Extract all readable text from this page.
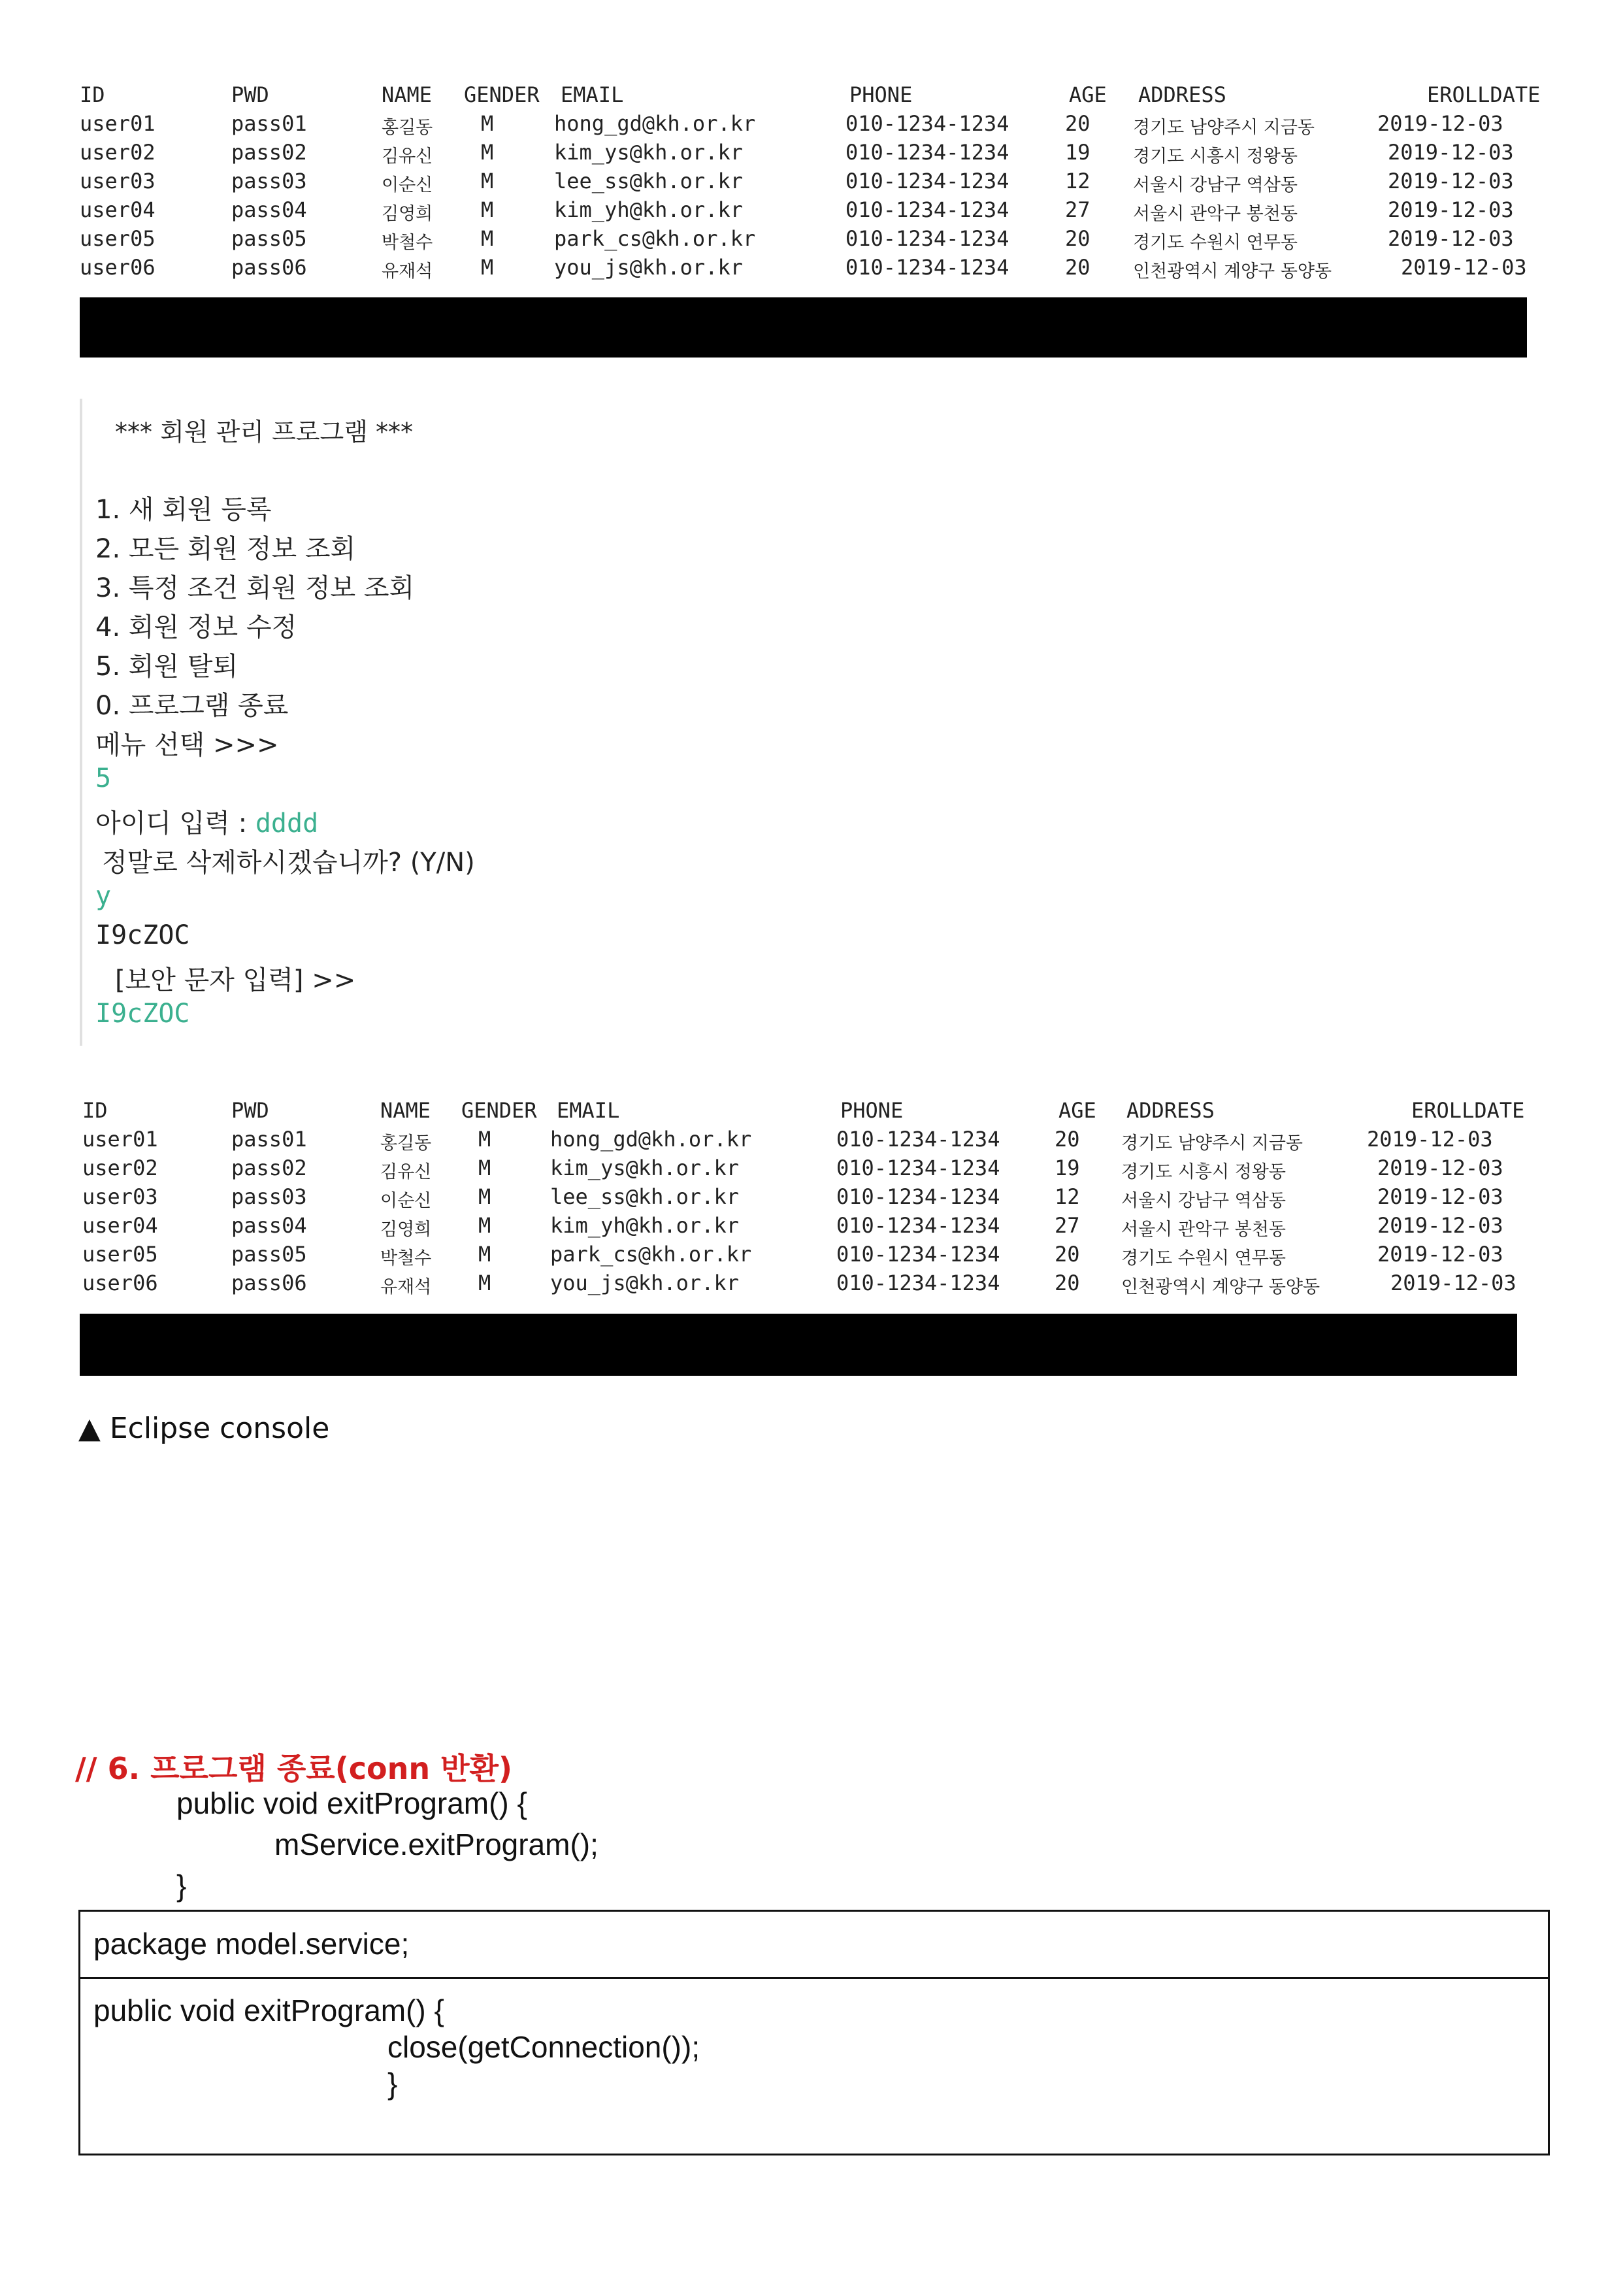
ID	PWD	NAME GENDER EMAIL	PHONE	AGE ADDRESS	EROLLDATE
user01	pass01	홍길동 M	hong_gd@kh.or.kr	010-1234-1234	20 경기도 남양주시 지금동	2019-12-03
user02	pass02	김유신 M	kim_ys@kh.or.kr	010-1234-1234	19 경기도 시흥시 정왕동	2019-12-03
user03	pass03	이순신 M	lee_ss@kh.or.kr	010-1234-1234	12 서울시 강남구 역삼동	2019-12-03
user04	pass04	김영희 M	kim_yh@kh.or.kr	010-1234-1234	27 서울시 관악구 봉천동	2019-12-03
user05	pass05	박철수 M	park_cs@kh.or.kr	010-1234-1234	20 경기도 수원시 연무동	2019-12-03
user06	pass06	유재석 M	you_js@kh.or.kr	010-1234-1234	20 인천광역시 계양구 동양동	2019-12-03
*** 회원 관리 프로그램 ***
1. 새 회원 등록
2. 모든 회원 정보 조회
3. 특정 조건 회원 정보 조회
4. 회원 정보 수정
5. 회원 탈퇴
0. 프로그램 종료
메뉴 선택 >>>
5
아이디 입력 : dddd
정말로 삭제하시겠습니까? (Y/N)
y
I9cZOC
[보안 문자 입력] >>
I9cZOC
ID	PWD	NAME GENDER EMAIL	PHONE	AGE ADDRESS	EROLLDATE
user01	pass01	홍길동 M	hong_gd@kh.or.kr	010-1234-1234	20 경기도 남양주시 지금동	2019-12-03
user02	pass02	김유신 M	kim_ys@kh.or.kr	010-1234-1234	19 경기도 시흥시 정왕동	2019-12-03
user03	pass03	이순신 M	lee_ss@kh.or.kr	010-1234-1234	12 서울시 강남구 역삼동	2019-12-03
user04	pass04	김영희 M	kim_yh@kh.or.kr	010-1234-1234	27 서울시 관악구 봉천동	2019-12-03
user05	pass05	박철수 M	park_cs@kh.or.kr	010-1234-1234	20 경기도 수원시 연무동	2019-12-03
user06	pass06	유재석 M	you_js@kh.or.kr	010-1234-1234	20 인천광역시 계양구 동양동	2019-12-03
▲ Eclipse console
// 6. 프로그램 종료(conn 반환)
public void exitProgram() {
mService.exitProgram();
}
package model.service;
public void exitProgram() {
close(getConnection());
}
